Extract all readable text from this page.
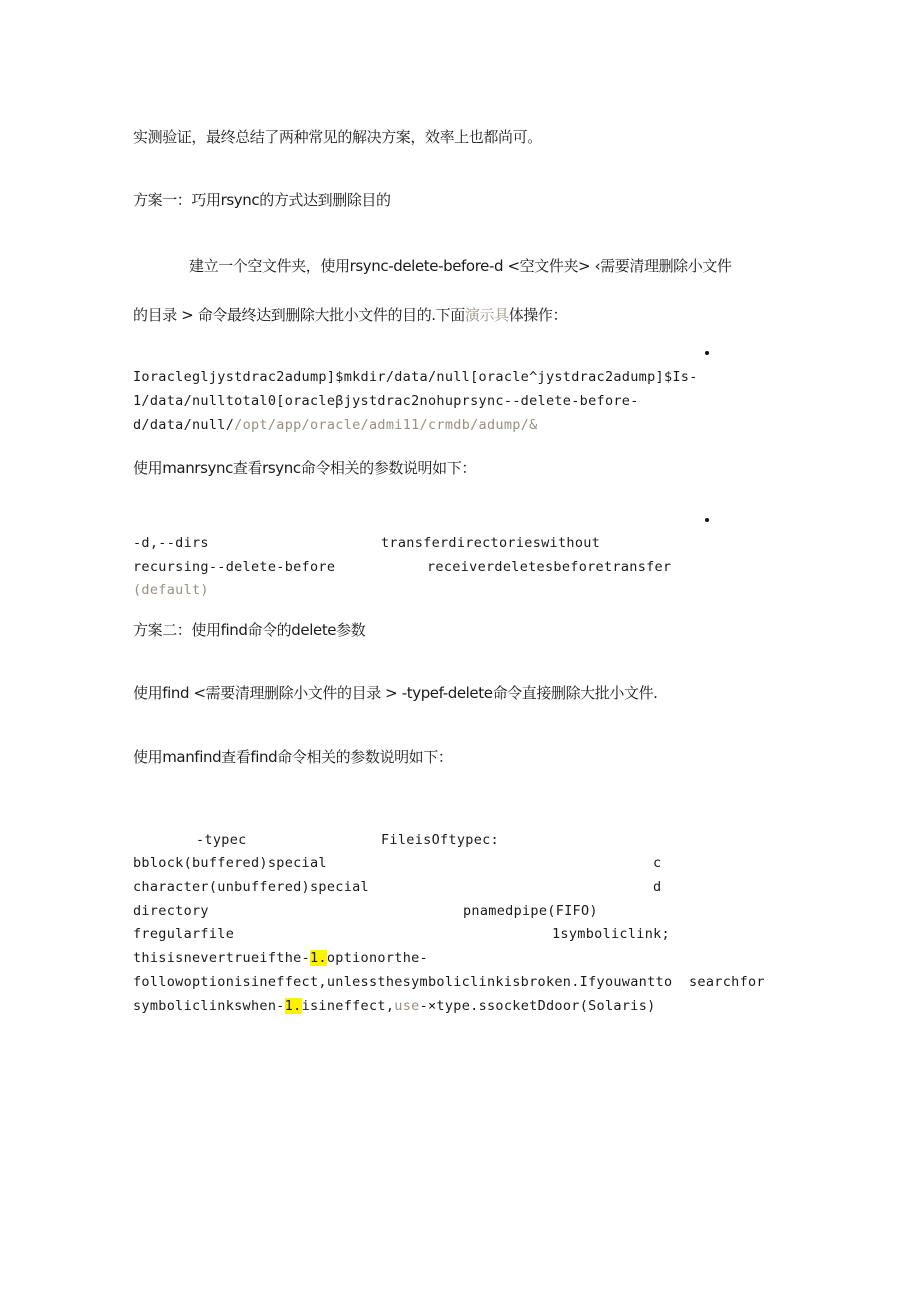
实测验证，最终总结了两种常见的解决方案，效率上也都尚可。
方案一：巧用rsync的方式达到删除目的
建立一个空文件夹，使用rsync-delete-before-d <空文件夹> ‹需要清理删除小文件
的目录 > 命令最终达到删除大批小文件的目的.下面演示具体操作：
Ioraclegljystdrac2adump]$mkdir/data/null[oracle^jystdrac2adump]$Is-
1/data/nulltotal0[oracleβjystdrac2nohuprsync--delete-before-
d/data/null//opt/app/oracle/admi11/crmdb/adump/&
使用manrsync查看rsync命令相关的参数说明如下：
-d,--dirs	transferdirectorieswithout
recursing--delete-before	receiverdeletesbeforetransfer
(default)
方案二：使用find命令的delete参数
使用find <需要清理删除小文件的目录 > -typef-delete命令直接删除大批小文件.
使用manfind查看find命令相关的参数说明如下：
-typec	FileisOftypec:
bblock(buffered)special	c
character(unbuffered)special	d
directory	pnamedpipe(FIFO)
fregularfile	1symboliclink;
thisisnevertrueifthe-1.optionorthe-
followoptionisineffect,unlessthesymboliclinkisbroken.Ifyouwantto searchfor
symboliclinkswhen-1.isineffect,use-×type.ssocketDdoor(Solaris)
